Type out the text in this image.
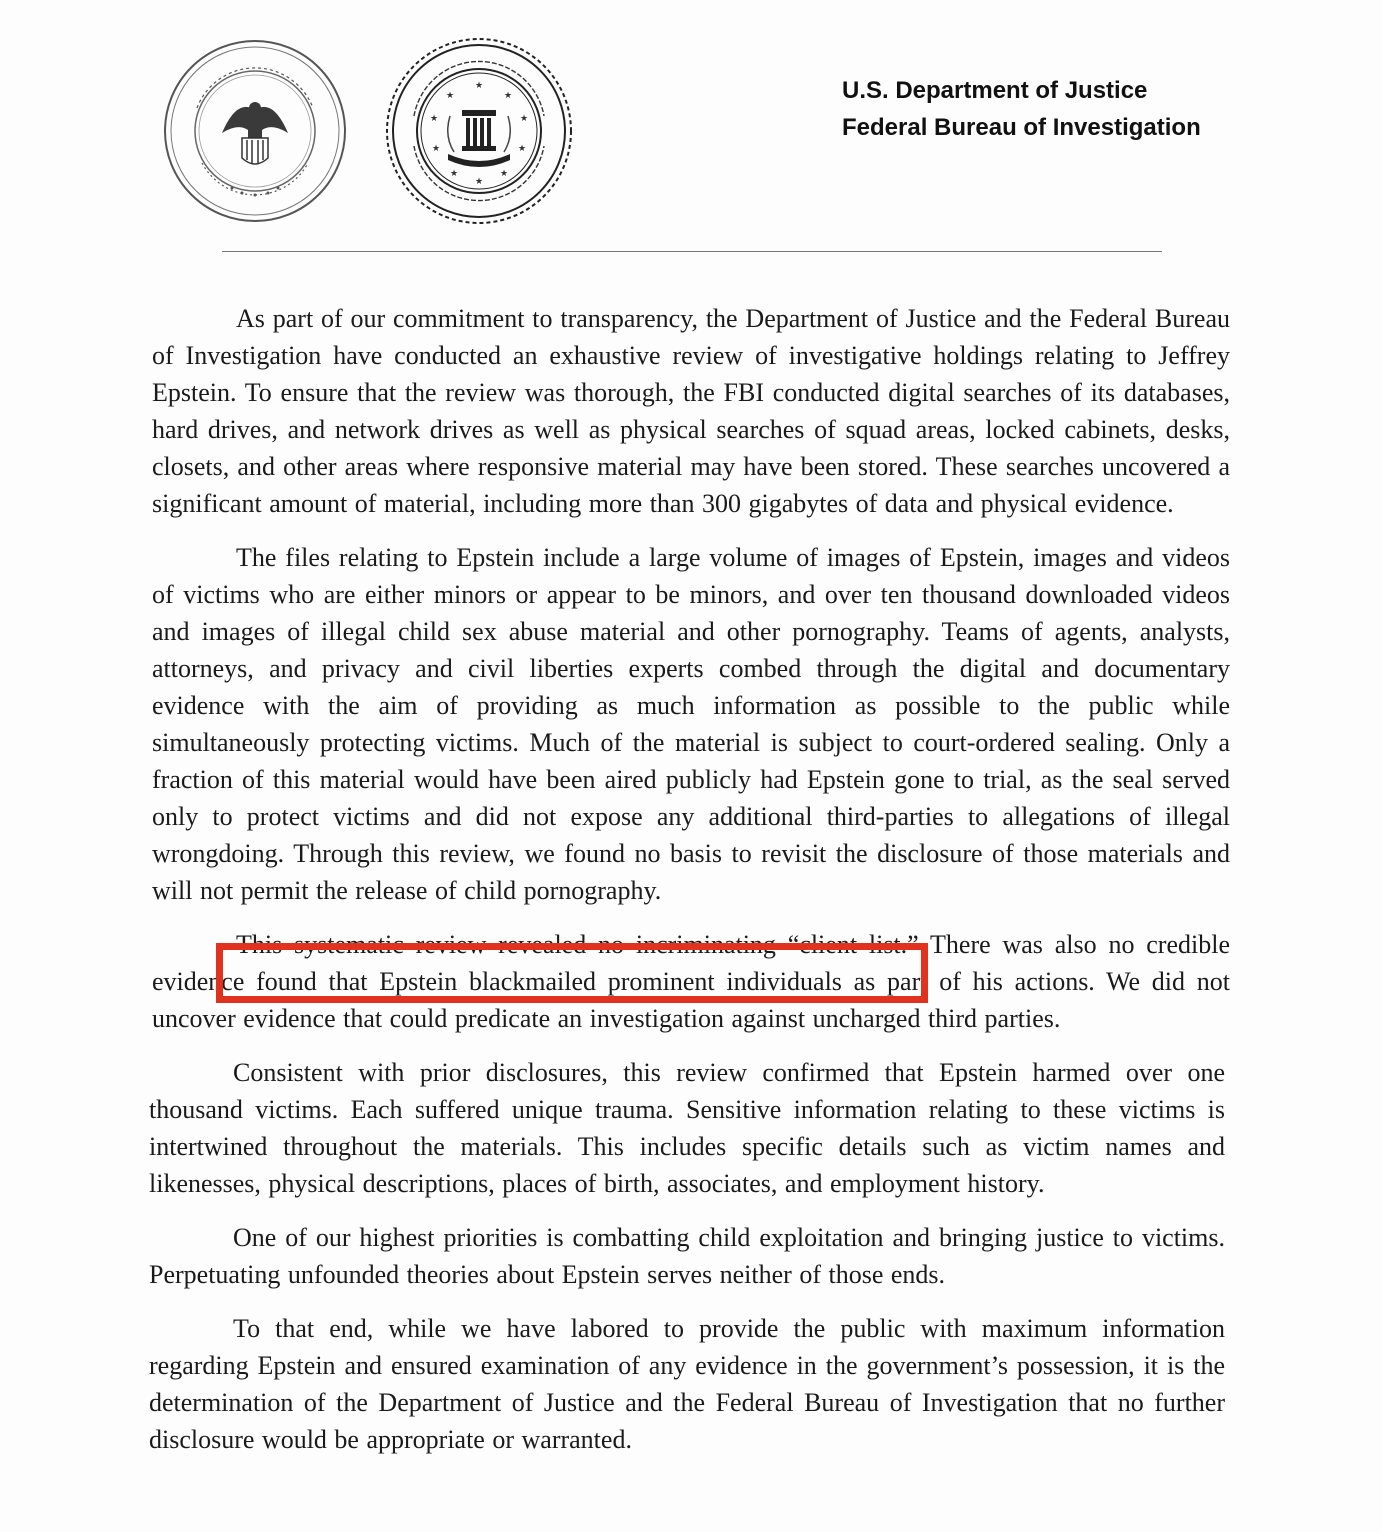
★
★	★
★	★
★	★
★	★
★
U.S. Department of Justice
Federal Bureau of Investigation

As part of our commitment to transparency, the Department of Justice and the Federal Bureau of Investigation have conducted an exhaustive review of investigative holdings relating to Jeffrey Epstein. To ensure that the review was thorough, the FBI conducted digital searches of its databases, hard drives, and network drives as well as physical searches of squad areas, locked cabinets, desks, closets, and other areas where responsive material may have been stored. These searches uncovered a significant amount of material, including more than 300 gigabytes of data and physical evidence.

The files relating to Epstein include a large volume of images of Epstein, images and videos of victims who are either minors or appear to be minors, and over ten thousand downloaded videos and images of illegal child sex abuse material and other pornography. Teams of agents, analysts, attorneys, and privacy and civil liberties experts combed through the digital and documentary evidence with the aim of providing as much information as possible to the public while simultaneously protecting victims. Much of the material is subject to court-ordered sealing. Only a fraction of this material would have been aired publicly had Epstein gone to trial, as the seal served only to protect victims and did not expose any additional third-parties to allegations of illegal wrongdoing. Through this review, we found no basis to revisit the disclosure of those materials and will not permit the release of child pornography.

This systematic review revealed no incriminating “client list.” There was also no credible evidence found that Epstein blackmailed prominent individuals as part of his actions. We did not uncover evidence that could predicate an investigation against uncharged third parties.

Consistent with prior disclosures, this review confirmed that Epstein harmed over one thousand victims. Each suffered unique trauma. Sensitive information relating to these victims is intertwined throughout the materials. This includes specific details such as victim names and likenesses, physical descriptions, places of birth, associates, and employment history.

One of our highest priorities is combatting child exploitation and bringing justice to victims. Perpetuating unfounded theories about Epstein serves neither of those ends.

To that end, while we have labored to provide the public with maximum information regarding Epstein and ensured examination of any evidence in the government’s possession, it is the determination of the Department of Justice and the Federal Bureau of Investigation that no further disclosure would be appropriate or warranted.
